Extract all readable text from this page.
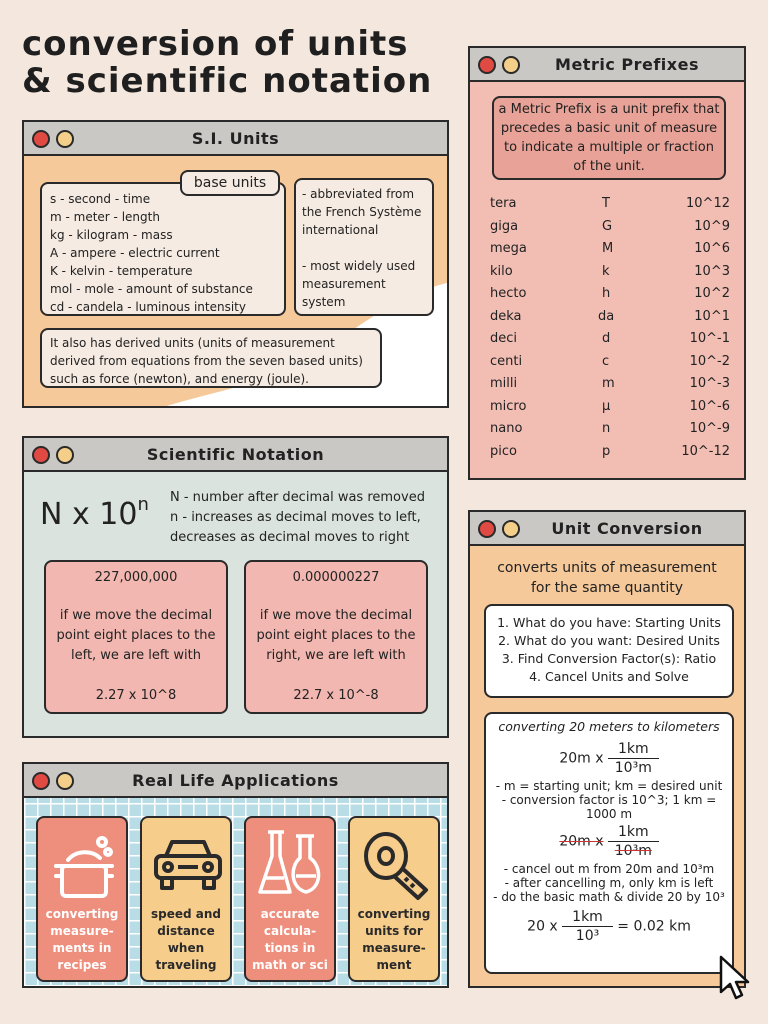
conversion of units
& scientific notation
S.I. Units
s - second - time
m - meter - length
kg - kilogram - mass
A - ampere - electric current
K - kelvin - temperature
mol - mole - amount of substance
cd - candela - luminous intensity
base units
- abbreviated from the French Système international
- most widely used measurement system
It also has derived units (units of measurement derived from equations from the seven based units) such as force (newton), and energy (joule).
Scientific Notation
N x 10$^n$ N - number after decimal was removed
n - increases as decimal moves to left,
decreases as decimal moves to right
227,000,000
if we move the decimal point eight places to the left, we are left with
2.27 x 10^8
0.000000227
if we move the decimal point eight places to the right, we are left with
22.7 x 10^-8
Real Life Applications
converting measure-ments in recipes
speed and distance when traveling
accurate calcula-tions in math or sci
converting units for measure-ment
Metric Prefixes
a Metric Prefix is a unit prefix that precedes a basic unit of measure to indicate a multiple or fraction of the unit.
tera	T	10^12
giga	G	10^9
mega	M	10^6
kilo	k	10^3
hecto	h	10^2
deka	da	10^1
deci	d	10^-1
centi	c	10^-2
milli	m	10^-3
micro	μ	10^-6
nano	n	10^-9
pico	p	10^-12
Unit Conversion
converts units of measurement for the same quantity
1. What do you have: Starting Units
2. What do you want: Desired Units
3. Find Conversion Factor(s): Ratio
4. Cancel Units and Solve
converting 20 meters to kilometers
20m x $\frac{1km}{\text{10³m}}$
- m = starting unit; km = desired unit
- conversion factor is 10^3; 1 km = 1000 m
20m x $\frac{1km}{\text{10³m}}$
- cancel out m from 20m and 10³m
- after cancelling m, only km is left
- do the basic math & divide 20 by 10³
20 x $\frac{1km}{\text{10³}} = 0.02$ km
